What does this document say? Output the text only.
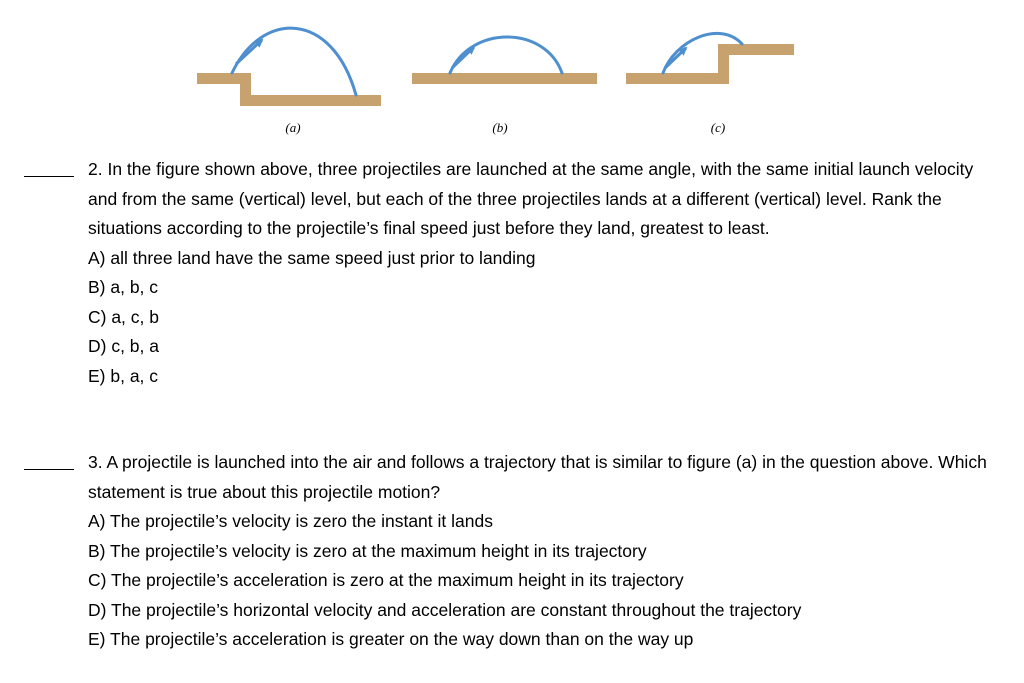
(a)	(b)	(c)

2. In the figure shown above, three projectiles are launched at the same angle, with the same initial launch velocity and from the same (vertical) level, but each of the three projectiles lands at a different (vertical) level. Rank the situations according to the projectile’s final speed just before they land, greatest to least.

A) all three land have the same speed just prior to landing
B) a, b, c
C) a, c, b
D) c, b, a
E) b, a, c

3. A projectile is launched into the air and follows a trajectory that is similar to figure (a) in the question above. Which statement is true about this projectile motion?

A) The projectile’s velocity is zero the instant it lands
B) The projectile’s velocity is zero at the maximum height in its trajectory
C) The projectile’s acceleration is zero at the maximum height in its trajectory
D) The projectile’s horizontal velocity and acceleration are constant throughout the trajectory
E) The projectile’s acceleration is greater on the way down than on the way up
